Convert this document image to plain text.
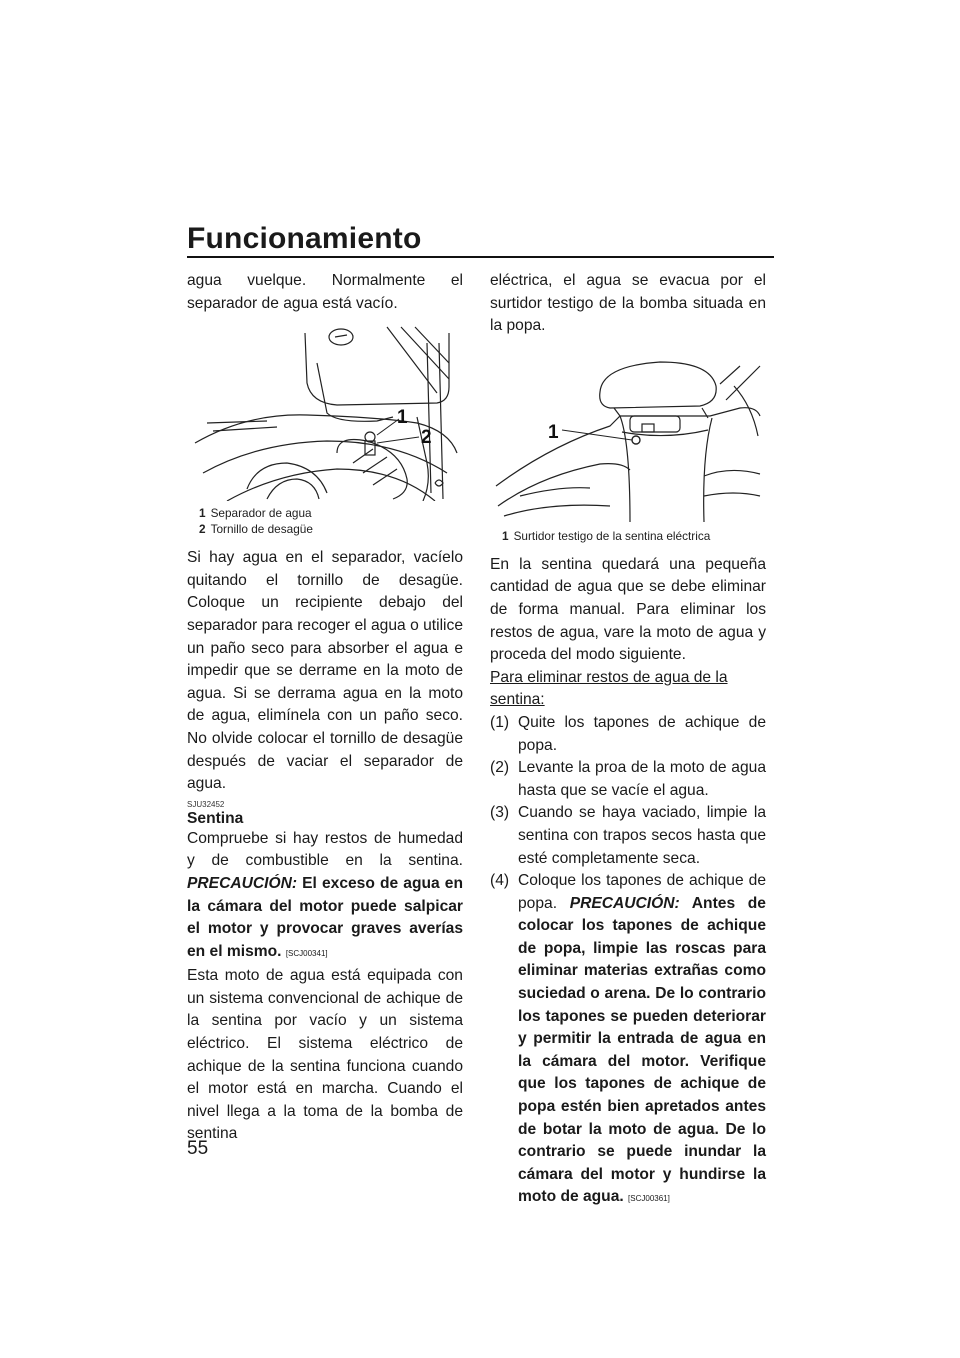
Funcionamiento
55

agua vuelque. Normalmente el separador de agua está vacío.

1
2
1 Separador de agua
2 Tornillo de desagüe

Si hay agua en el separador, vacíelo quitando el tornillo de desagüe. Coloque un recipiente debajo del separador para recoger el agua o utilice un paño seco para absorber el agua e impedir que se derrame en la moto de agua. Si se derrama agua en la moto de agua, elimínela con un paño seco. No olvide colocar el tornillo de desagüe después de vaciar el separador de agua.

SJU32452
Sentina

Compruebe si hay restos de humedad y de combustible en la sentina. PRECAUCIÓN: El exceso de agua en la cámara del motor puede salpicar el motor y provocar graves averías en el mismo. [SCJ00341]

Esta moto de agua está equipada con un sistema convencional de achique de la sentina por vacío y un sistema eléctrico. El sistema eléctrico de achique de la sentina funciona cuando el motor está en marcha. Cuando el nivel llega a la toma de la bomba de sentina

eléctrica, el agua se evacua por el surtidor testigo de la bomba situada en la popa.

1
1 Surtidor testigo de la sentina eléctrica

En la sentina quedará una pequeña cantidad de agua que se debe eliminar de forma manual. Para eliminar los restos de agua, vare la moto de agua y proceda del modo siguiente.

Para eliminar restos de agua de la sentina:
(1) Quite los tapones de achique de popa.
(2) Levante la proa de la moto de agua hasta que se vacíe el agua.
(3) Cuando se haya vaciado, limpie la sentina con trapos secos hasta que esté completamente seca.
(4) Coloque los tapones de achique de popa. PRECAUCIÓN: Antes de colocar los tapones de achique de popa, limpie las roscas para eliminar materias extrañas como suciedad o arena. De lo contrario los tapones se pueden deteriorar y permitir la entrada de agua en la cámara del motor. Verifique que los tapones de achique de popa estén bien apretados antes de botar la moto de agua. De lo contrario se puede inundar la cámara del motor y hundirse la moto de agua. [SCJ00361]
